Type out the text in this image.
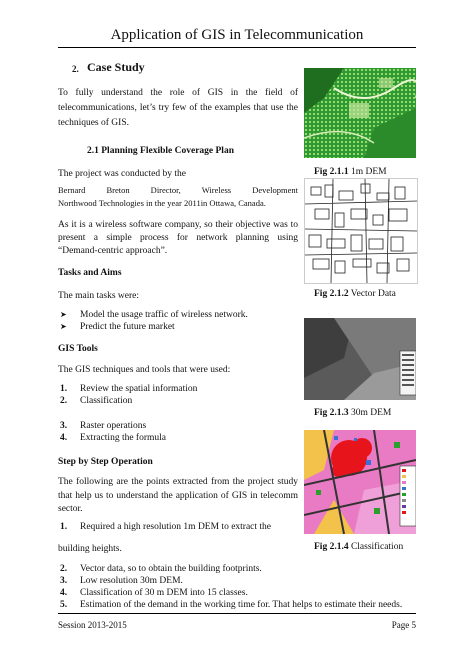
Application of GIS in Telecommunication
2. Case Study

To fully understand the role of GIS in the field of telecommunications, let’s try few of the examples that use the techniques of GIS.

2.1 Planning Flexible Coverage Plan
The project was conducted by the
Bernard Breton Director, Wireless Development
Northwood Technologies in the year 2011in Ottawa, Canada.

As it is a wireless software company, so their objective was to present a simple process for network planning using “Demand-centric approach”.

Tasks and Aims
The main tasks were:
➤ Model the usage traffic of wireless network.
➤ Predict the future market
GIS Tools
The GIS techniques and tools that were used:
1. Review the spatial information
2. Classification
3. Raster operations
4. Extracting the formula
Step by Step Operation

The following are the points extracted from the project study that help us to understand the application of GIS in telecomm sector.

1. Required a high resolution 1m DEM to extract the
building heights.
2. Vector data, so to obtain the building footprints.
3. Low resolution 30m DEM.
4. Classification of 30 m DEM into 15 classes.
5. Estimation of the demand in the working time for. That helps to estimate their needs.
Fig 2.1.1 1m DEM
Fig 2.1.2 Vector Data
Fig 2.1.3 30m DEM
Fig 2.1.4 Classification
Session 2013-2015	Page 5
